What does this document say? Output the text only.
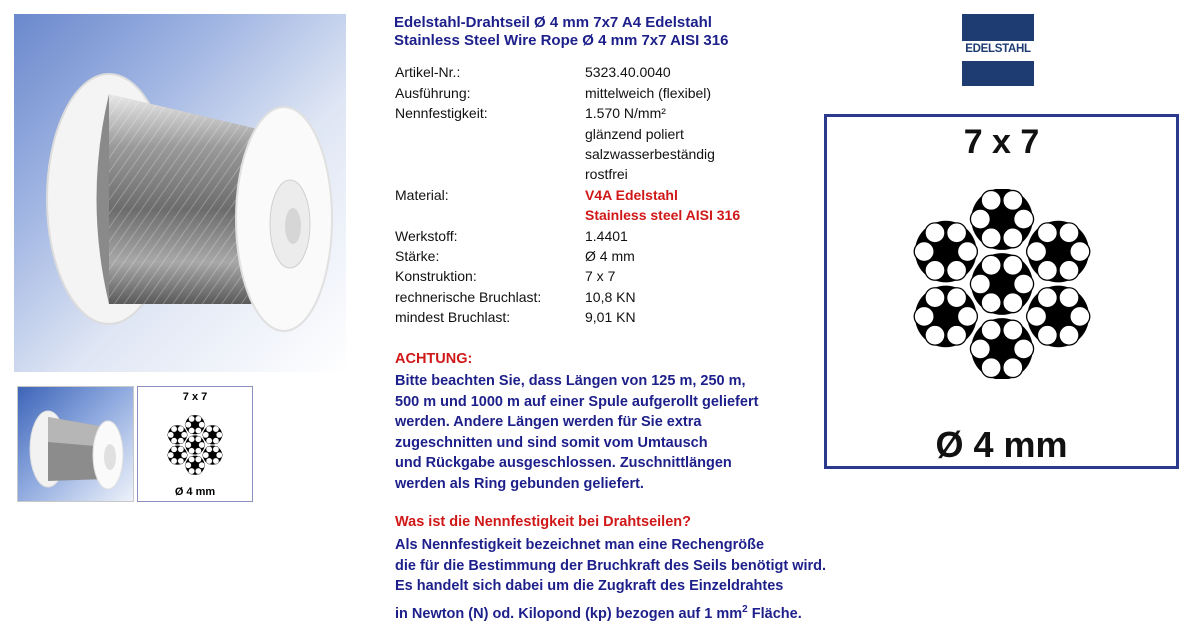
7 x 7
Ø 4 mm
Edelstahl-Drahtseil Ø 4 mm 7x7 A4 Edelstahl
Stainless Steel Wire Rope Ø 4 mm 7x7 AISI 316
Artikel-Nr.:	5323.40.0040
Ausführung:	mittelweich (flexibel)
Nennfestigkeit:	1.570 N/mm²
glänzend poliert
salzwasserbeständig
rostfrei
Material:	V4A Edelstahl
Stainless steel AISI 316
Werkstoff:	1.4401
Stärke:	Ø 4 mm
Konstruktion:	7 x 7
rechnerische Bruchlast:	10,8 KN
mindest Bruchlast:	9,01 KN
ACHTUNG:
Bitte beachten Sie, dass Längen von 125 m, 250 m,
500 m und 1000 m auf einer Spule aufgerollt geliefert
werden. Andere Längen werden für Sie extra
zugeschnitten und sind somit vom Umtausch
und Rückgabe ausgeschlossen. Zuschnittlängen
werden als Ring gebunden geliefert.
Was ist die Nennfestigkeit bei Drahtseilen?
Als Nennfestigkeit bezeichnet man eine Rechengröße
die für die Bestimmung der Bruchkraft des Seils benötigt wird.
Es handelt sich dabei um die Zugkraft des Einzeldrahtes
in Newton (N) od. Kilopond (kp) bezogen auf 1 $mm^2$ Fläche.
EDELSTAHL
7 x 7
Ø 4 mm
